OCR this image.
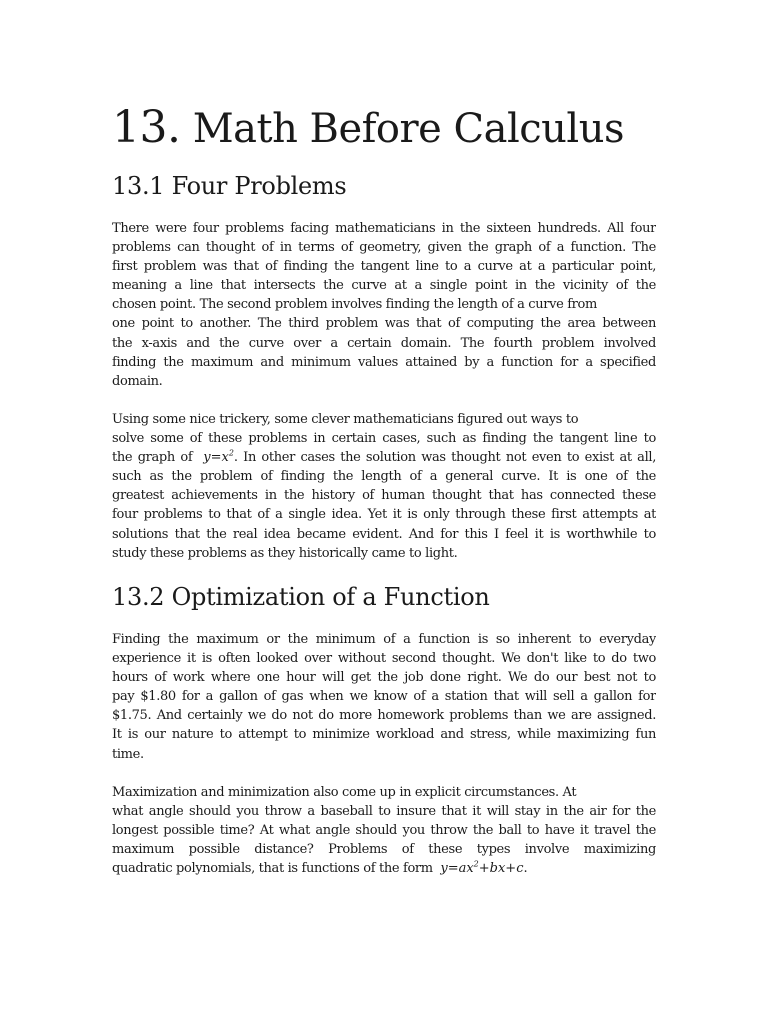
13. Math Before Calculus
13.1 Four Problems
There were four problems facing mathematicians in the sixteen hundreds. All four
problems can thought of in terms of geometry, given the graph of a function. The
first problem was that of finding the tangent line to a curve at a particular point,
meaning a line that intersects the curve at a single point in the vicinity of the
chosen point. The second problem involves finding the length of a curve from
one point to another. The third problem was that of computing the area between
the x-axis and the curve over a certain domain. The fourth problem involved
finding the maximum and minimum values attained by a function for a specified
domain.
Using some nice trickery, some clever mathematicians figured out ways to
solve some of these problems in certain cases, such as finding the tangent line to
the graph of $y=x^2$. In other cases the solution was thought not even to exist at all,
such as the problem of finding the length of a general curve. It is one of the
greatest achievements in the history of human thought that has connected these
four problems to that of a single idea. Yet it is only through these first attempts at
solutions that the real idea became evident. And for this I feel it is worthwhile to
study these problems as they historically came to light.
13.2 Optimization of a Function
Finding the maximum or the minimum of a function is so inherent to everyday
experience it is often looked over without second thought. We don't like to do two
hours of work where one hour will get the job done right. We do our best not to
pay $1.80 for a gallon of gas when we know of a station that will sell a gallon for
$1.75. And certainly we do not do more homework problems than we are assigned.
It is our nature to attempt to minimize workload and stress, while maximizing fun
time.
Maximization and minimization also come up in explicit circumstances. At
what angle should you throw a baseball to insure that it will stay in the air for the
longest possible time? At what angle should you throw the ball to have it travel the
maximum possible distance? Problems of these types involve maximizing
quadratic polynomials, that is functions of the form $y=ax^2+bx+c$.
